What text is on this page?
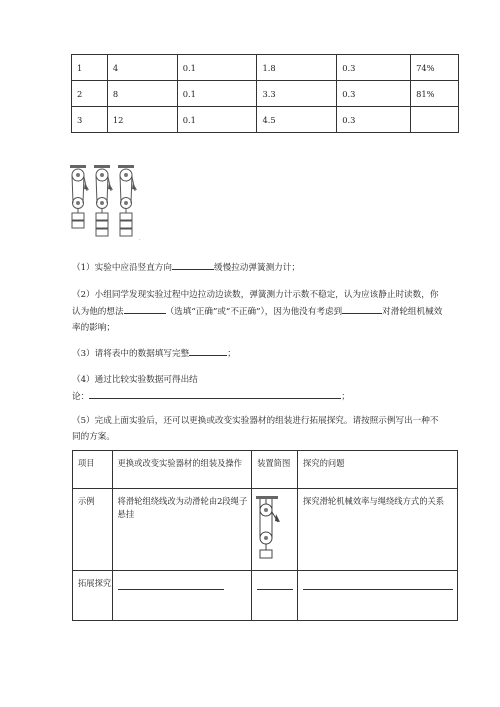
1	4	0.1	1.8	0.3	74%
2	8	0.1	3.3	0.3	81%
3	12	0.1	4.5	0.3	
.
（1）实验中应沿竖直方向	缓慢拉动弹簧测力计；
（2）小组同学发现实验过程中边拉动边读数，弹簧测力计示数不稳定，认为应该静止时读数，你
认为他的想法	（选填“正确”或“不正确”），因为他没有考虑到	对滑轮组机械效
率的影响；
（3）请将表中的数据填写完整	；
（4）通过比较实验数据可得出结
论：	；
（5）完成上面实验后，还可以更换或改变实验器材的组装进行拓展探究。请按照示例写出一种不
同的方案。
项目	更换或改变实验器材的组装及操作	装置简图	探究的问题
示例	将滑轮组绕线改为动滑轮由2段绳子悬挂		探究滑轮机械效率与绳绕线方式的关系
拓展探究			
